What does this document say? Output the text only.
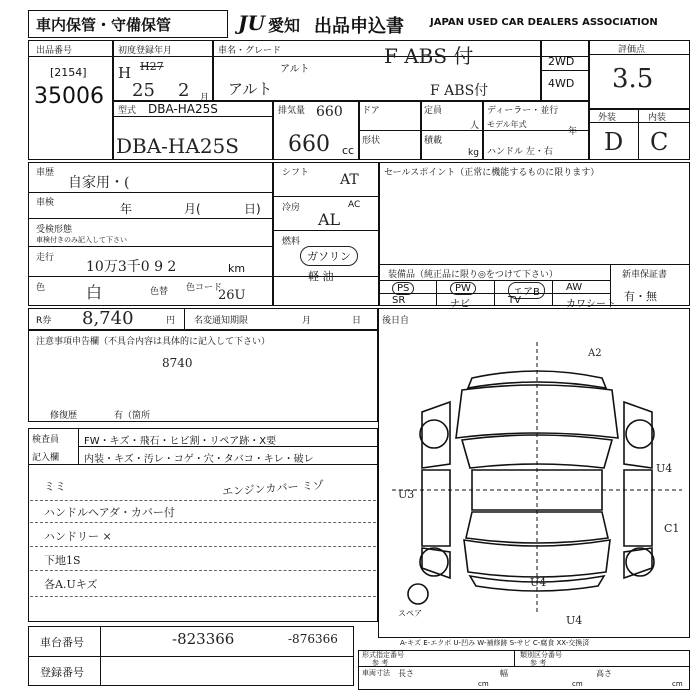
車内保管・守備保管	JU 愛知 出品申込書	JAPAN USED CAR DEALERS ASSOCIATION
出品番号
[2154]
35006
初度登録年月
H H27
25 2 月
車名・グレード	F ABS 付
アルト
アルト	F ABS付
2WD
4WD
評価点
3.5
外装	内装
D C
型式 DBA-HA25S
DBA-HA25S
排気量 660
660 cc
ドア	定員
人
形状	積載
kg
ディーラー・並行
モデル年式
年
ハンドル 左・右
車歴
自家用・(
車検	年	月(	日)
受検形態
車検付きのみ記入して下さい
走行
10万3千0 9 2	km
色	白	色替 色コード
26U
シフト AT
冷房	AC
AL
燃料
ガソリン
軽 油
セールスポイント（正常に機能するものに限ります）
装備品（純正品に限り◎をつけて下さい）
PS	PW	エアB	AW
SR	ナビ	TV	カワシート
新車保証書
有・無
R券 8,740	円 名変通知期限	月	日
注意事項申告欄（不具合内容は具体的に記入して下さい）
8740
修復歴	有（箇所
後日自
検査員
記入欄
FW・キズ・飛石・ヒビ割・リペア跡・X要
内装・キズ・汚レ・コゲ・穴・タバコ・キレ・破レ
ミミ
ハンドルヘアダ・カバー付
ハンドリー ×
下地1S
各A.Uキズ
エンジンカバー ミゾ
A2
U4
U3
C1
U4
U4
スペア
A-キズ E-エクボ U-凹み W-補修跡 S-サビ C-腐食 XX-交換済
車台番号	-823366	-876366
登録番号
形式指定番号
参 考
類別区分番号
参 考
車両寸法 長さ	幅	高さ
cm	cm	cm
